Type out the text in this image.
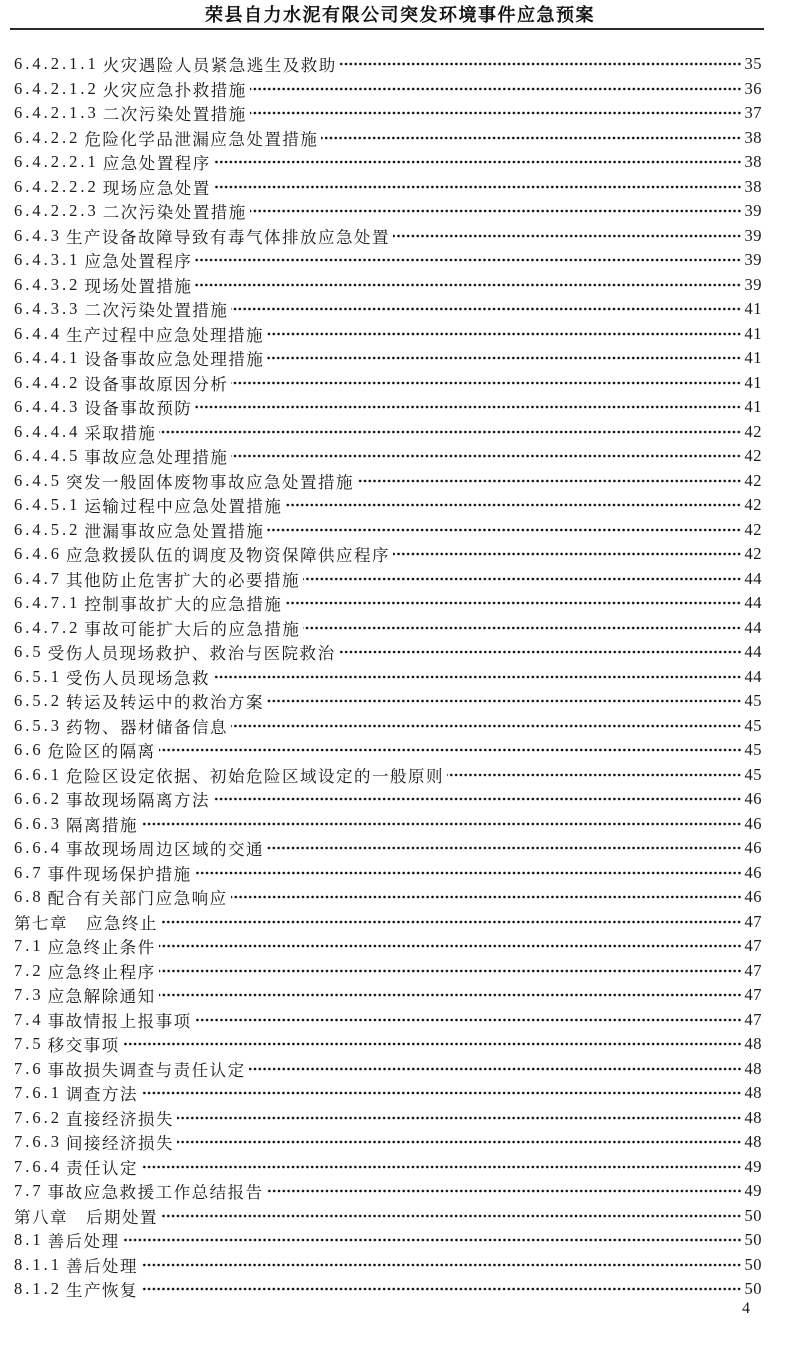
荣县自力水泥有限公司突发环境事件应急预案
6.4.2.1.1 火灾遇险人员紧急逃生及救助	35
6.4.2.1.2 火灾应急扑救措施	36
6.4.2.1.3 二次污染处置措施	37
6.4.2.2 危险化学品泄漏应急处置措施	38
6.4.2.2.1 应急处置程序	38
6.4.2.2.2 现场应急处置	38
6.4.2.2.3 二次污染处置措施	39
6.4.3 生产设备故障导致有毒气体排放应急处置	39
6.4.3.1 应急处置程序	39
6.4.3.2 现场处置措施	39
6.4.3.3 二次污染处置措施	41
6.4.4 生产过程中应急处理措施	41
6.4.4.1 设备事故应急处理措施	41
6.4.4.2 设备事故原因分析	41
6.4.4.3 设备事故预防	41
6.4.4.4 采取措施	42
6.4.4.5 事故应急处理措施	42
6.4.5 突发一般固体废物事故应急处置措施	42
6.4.5.1 运输过程中应急处置措施	42
6.4.5.2 泄漏事故应急处置措施	42
6.4.6 应急救援队伍的调度及物资保障供应程序	42
6.4.7 其他防止危害扩大的必要措施	44
6.4.7.1 控制事故扩大的应急措施	44
6.4.7.2 事故可能扩大后的应急措施	44
6.5 受伤人员现场救护、救治与医院救治	44
6.5.1 受伤人员现场急救	44
6.5.2 转运及转运中的救治方案	45
6.5.3 药物、器材储备信息	45
6.6 危险区的隔离	45
6.6.1 危险区设定依据、初始危险区域设定的一般原则	45
6.6.2 事故现场隔离方法	46
6.6.3 隔离措施	46
6.6.4 事故现场周边区域的交通	46
6.7 事件现场保护措施	46
6.8 配合有关部门应急响应	46
第七章 应急终止	47
7.1 应急终止条件	47
7.2 应急终止程序	47
7.3 应急解除通知	47
7.4 事故情报上报事项	47
7.5 移交事项	48
7.6 事故损失调查与责任认定	48
7.6.1 调查方法	48
7.6.2 直接经济损失	48
7.6.3 间接经济损失	48
7.6.4 责任认定	49
7.7 事故应急救援工作总结报告	49
第八章 后期处置	50
8.1 善后处理	50
8.1.1 善后处理	50
8.1.2 生产恢复	50
4
